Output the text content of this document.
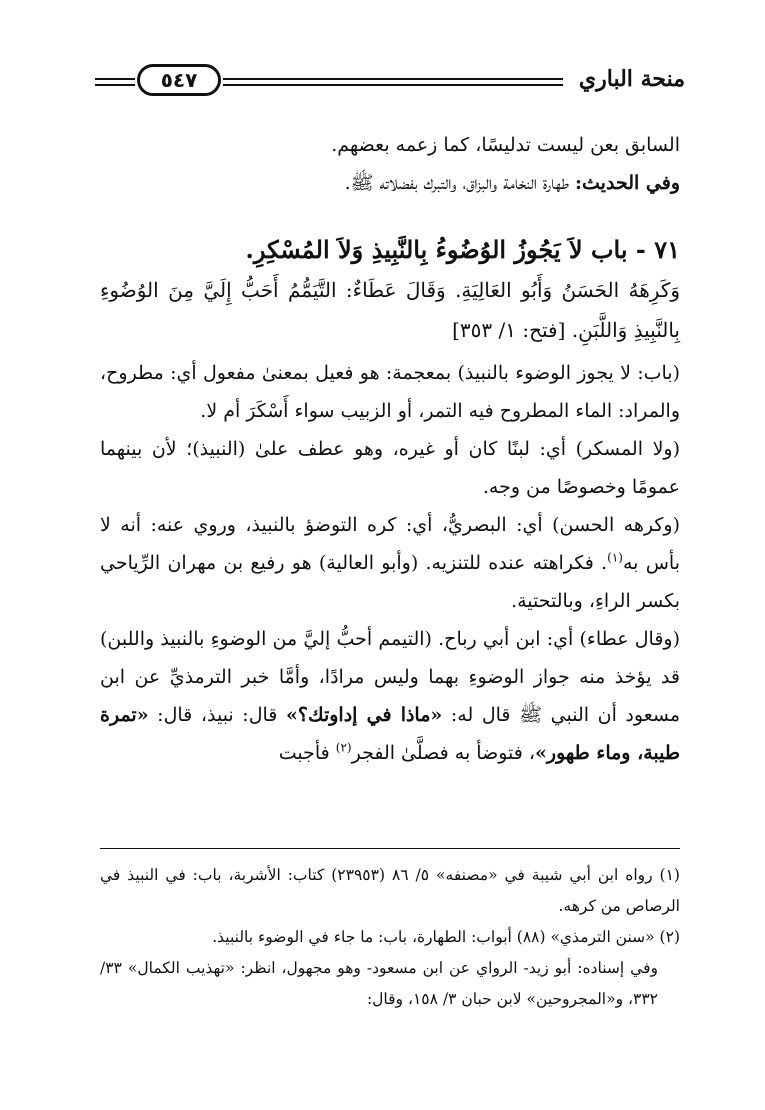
منحة الباري
٥٤٧

السابق بعن ليست تدليسًا، كما زعمه بعضهم.

وفي الحديث: طهارة النخامة والبزاق، والتبرك بفضلاته ﷺ.

٧١ - باب لاَ يَجُوزُ الوُضُوءُ بِالنَّبِيذِ وَلاَ المُسْكِرِ.

وَكَرِهَهُ الحَسَنُ وَأَبُو العَالِيَةِ. وَقَالَ عَطَاءٌ: التَّيَمُّمُ أَحَبُّ إِلَيَّ مِنَ الوُضُوءِ بِالنَّبِيذِ وَاللَّبَنِ. [فتح: ١/ ٣٥٣]

(باب: لا يجوز الوضوء بالنبيذ) بمعجمة: هو فعيل بمعنىٰ مفعول أي: مطروح، والمراد: الماء المطروح فيه التمر، أو الزبيب سواء أَسْكَرَ أم لا.

(ولا المسكر) أي: لبنًا كان أو غيره، وهو عطف علىٰ (النبيذ)؛ لأن بينهما عمومًا وخصوصًا من وجه.

(وكرهه الحسن) أي: البصريُّ، أي: كره التوضؤ بالنبيذ، وروي عنه: أنه لا بأس به$^{(١)}$. فكراهته عنده للتنزيه. (وأبو العالية) هو رفيع بن مهران الرِّياحي بكسر الراءِ، وبالتحتية.

(وقال عطاء) أي: ابن أبي رباح. (التيمم أحبُّ إليَّ من الوضوءِ بالنبيذ واللبن) قد يؤخذ منه جواز الوضوءِ بهما وليس مرادًا، وأمَّا خبر الترمذيِّ عن ابن مسعود أن النبي ﷺ قال له: «ماذا في إداوتك؟» قال: نبيذ، قال: «تمرة طيبة، وماء طهور»، فتوضأ به فصلَّىٰ الفجر$^{(٢)}$ فأجبت

(١) رواه ابن أبي شيبة في «مصنفه» ٥/ ٨٦ (٢٣٩٥٣) كتاب: الأشربة، باب: في النبيذ في الرصاص من كرهه.

(٢) «سنن الترمذي» (٨٨) أبواب: الطهارة، باب: ما جاء في الوضوء بالنبيذ.

وفي إسناده: أبو زيد- الرواي عن ابن مسعود- وهو مجهول، انظر: «تهذيب الكمال» ٣٣/ ٣٣٢، و«المجروحين» لابن حبان ٣/ ١٥٨، وقال:
